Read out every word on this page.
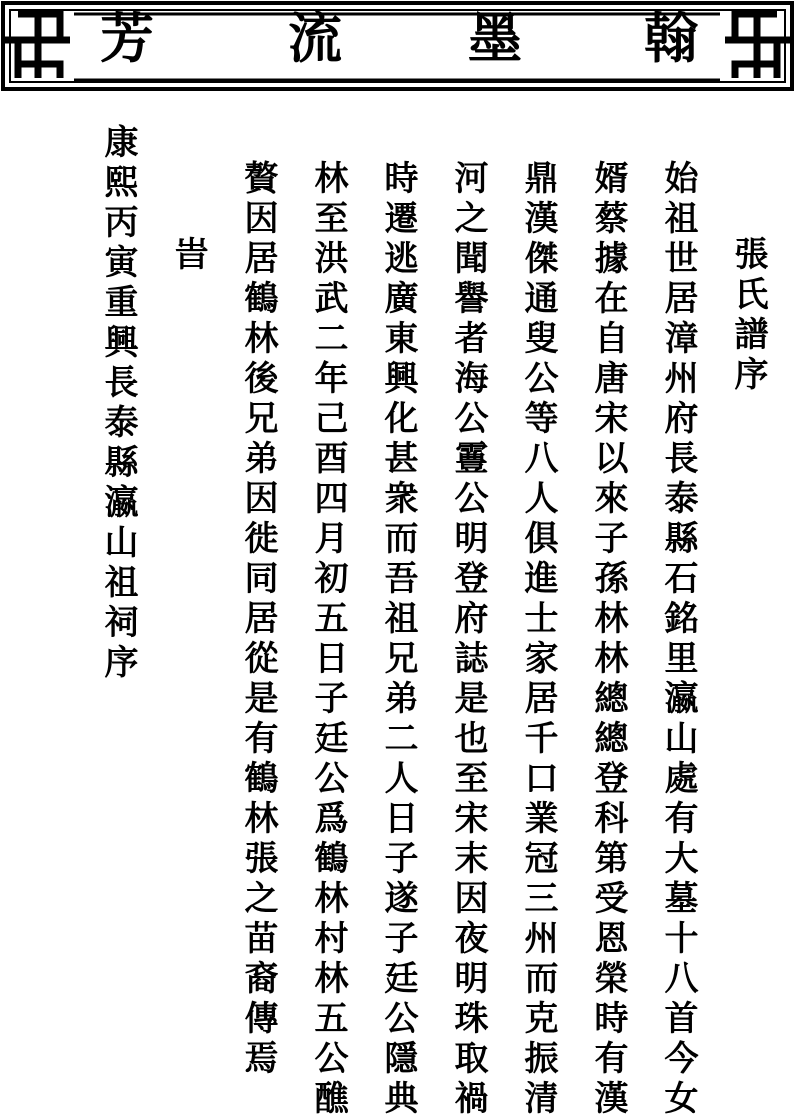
芳 流 墨 翰
張氏譜序
始祖世居漳州府長泰縣石銘里瀛山處有大墓十八首今女
婿蔡據在自唐宋以來子孫林林總總登科第受恩榮時有漢
鼎漢傑通叟公等八人俱進士家居千口業冠三州而克振清
河之聞譽者海公霻公明登府誌是也至宋末因夜明珠取禍
時遷逃廣東興化甚衆而吾祖兄弟二人日子遂子廷公隱典
林至洪武二年己酉四月初五日子廷公爲鶴林村林五公醮
贅因居鶴林後兄弟因徙同居從是有鶴林張之苗裔傳焉
旹
康熙丙寅重興長泰縣瀛山祖祠序
